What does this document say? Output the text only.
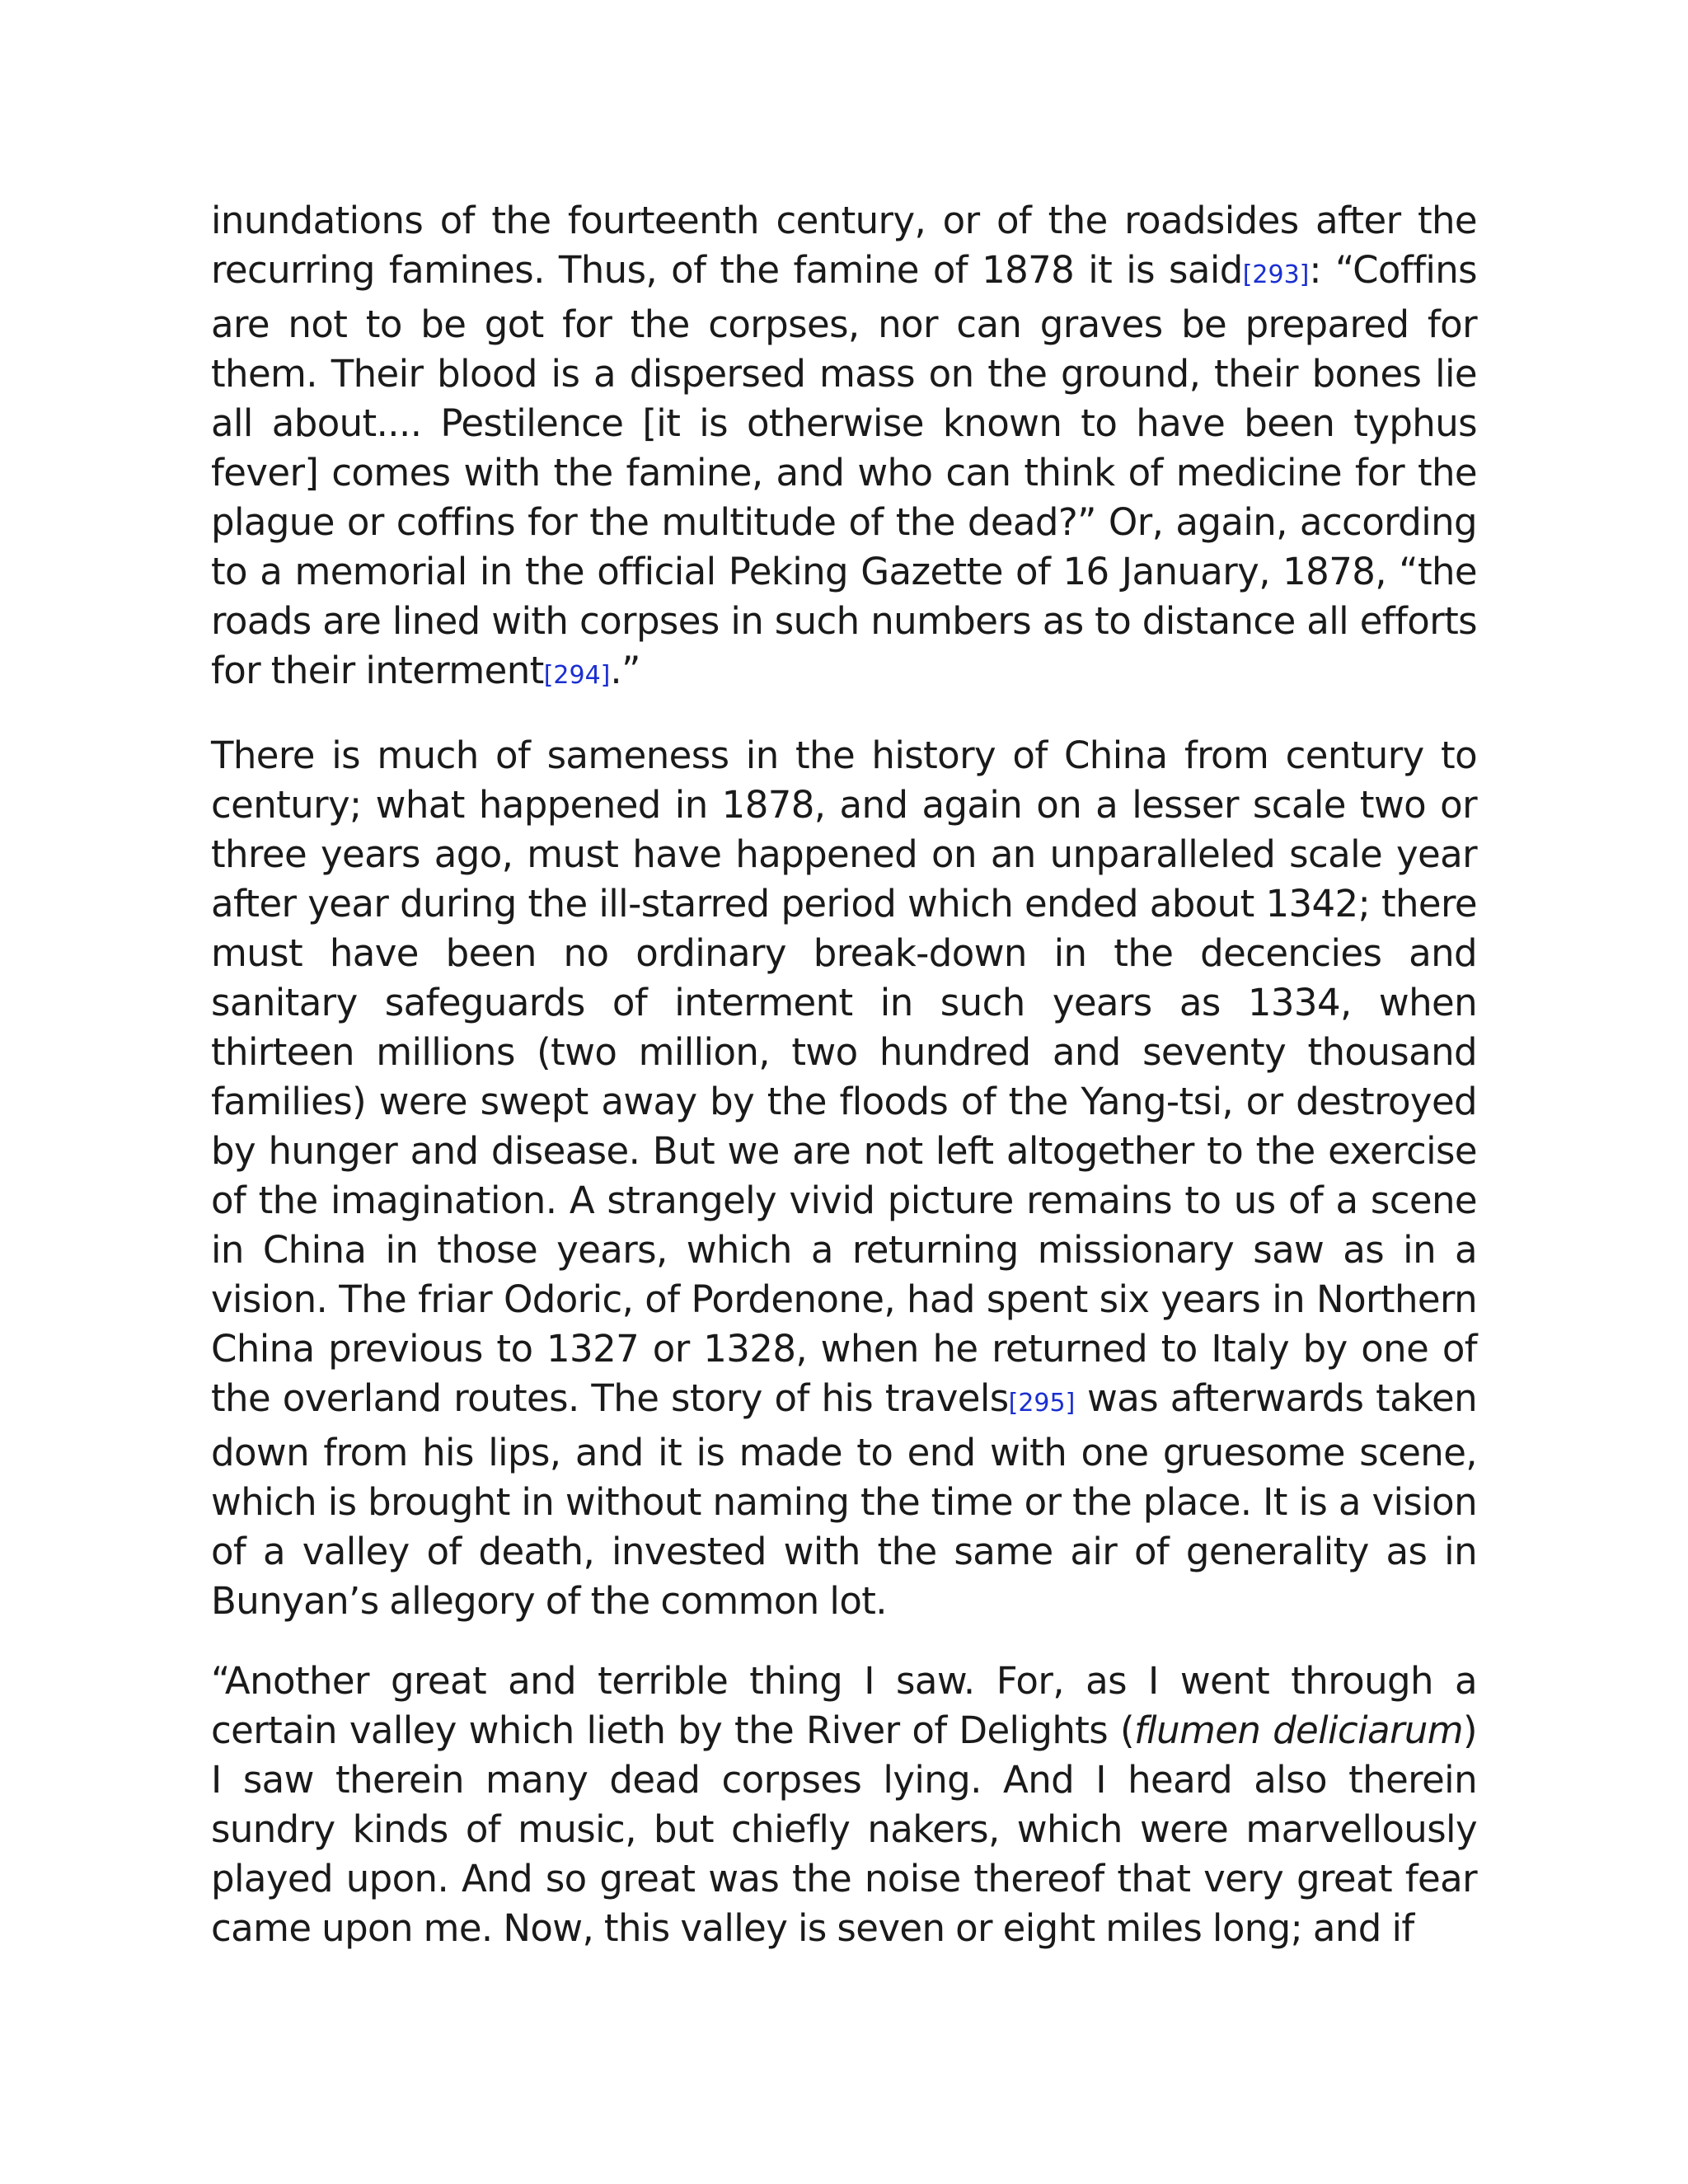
inundations of the fourteenth century, or of the roadsides after the recurring famines. Thus, of the famine of 1878 it is said[293]: “Coffins are not to be got for the corpses, nor can graves be prepared for them. Their blood is a dispersed mass on the ground, their bones lie all about.... Pestilence [it is otherwise known to have been typhus fever] comes with the famine, and who can think of medicine for the plague or coffins for the multitude of the dead?” Or, again, according to a memorial in the official Peking Gazette of 16 January, 1878, “the roads are lined with corpses in such numbers as to distance all efforts for their interment[294].”

There is much of sameness in the history of China from century to century; what happened in 1878, and again on a lesser scale two or three years ago, must have happened on an unparalleled scale year after year during the ill-starred period which ended about 1342; there must have been no ordinary break-down in the decencies and sanitary safeguards of interment in such years as 1334, when thirteen millions (two million, two hundred and seventy thousand families) were swept away by the floods of the Yang-tsi, or destroyed by hunger and disease. But we are not left altogether to the exercise of the imagination. A strangely vivid picture remains to us of a scene in China in those years, which a returning missionary saw as in a vision. The friar Odoric, of Pordenone, had spent six years in Northern China previous to 1327 or 1328, when he returned to Italy by one of the overland routes. The story of his travels[295] was afterwards taken down from his lips, and it is made to end with one gruesome scene, which is brought in without naming the time or the place. It is a vision of a valley of death, invested with the same air of generality as in Bunyan’s allegory of the common lot.

“Another great and terrible thing I saw. For, as I went through a certain valley which lieth by the River of Delights (flumen deliciarum) I saw therein many dead corpses lying. And I heard also therein sundry kinds of music, but chiefly nakers, which were marvellously played upon. And so great was the noise thereof that very great fear came upon me. Now, this valley is seven or eight miles long; and if
